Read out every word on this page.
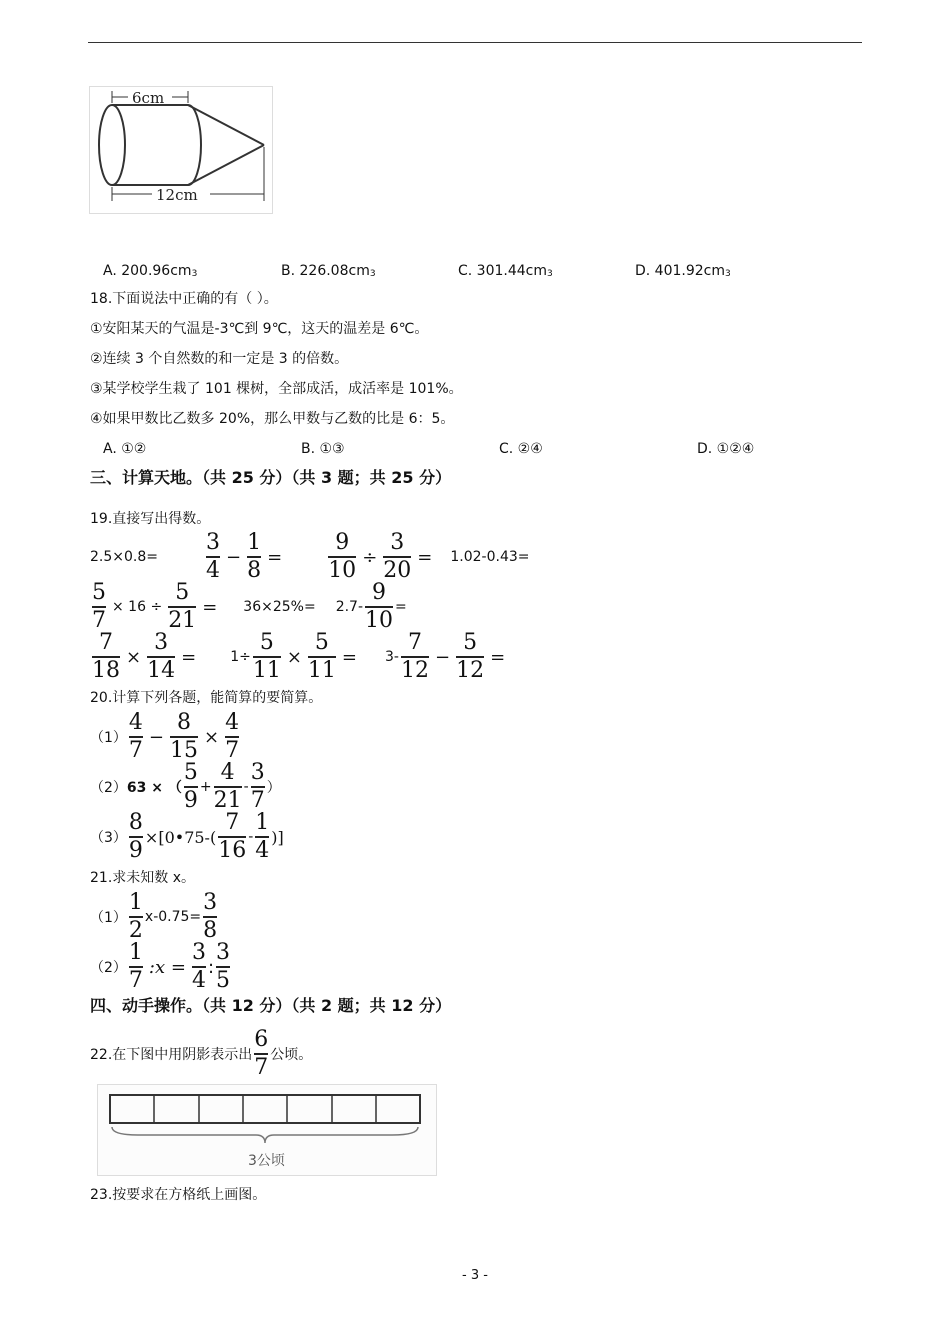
6cm
12cm
A. 200.96cm3	B. 226.08cm3	C. 301.44cm3	D. 401.92cm3
18.下面说法中正确的有（ ）。
①安阳某天的气温是-3℃到 9℃，这天的温差是 6℃。
②连续 3 个自然数的和一定是 3 的倍数。
③某学校学生栽了 101 棵树，全部成活，成活率是 101%。
④如果甲数比乙数多 20%，那么甲数与乙数的比是 6：5。
A. ①②	B. ①③	C. ②④	D. ①②④
三、计算天地。（共 25 分）（共 3 题；共 25 分）
19.直接写出得数。
$2.5\times 0.8= \frac{3}{4} - \frac{1}{8} = \frac{9}{10} \div \frac{3}{20} = 1.02-0.43=$
$\frac{5}{7} \times 16 \div \frac{5}{21} = 36\times 25\%= 2.7- \frac{9}{10}$ =
$\frac{7}{18} \times \frac{3}{14} = 1\div \frac{5}{11} \times \frac{5}{11} = 3- \frac{7}{12} - \frac{5}{12}$ =
20.计算下列各题，能简算的要简算。
$(1) \frac{4}{7} - \frac{8}{15} \times \frac{4}{7}$
（2） 63 × （ $\frac{5}{9} + \frac{4}{21} - \frac{3}{7}$ ）
$(3) \frac{8}{9}$ ×[0•75-( $\frac{7}{16} - \frac{1}{4}$ )]
21.求未知数 x。
$(1) \frac{1}{2} x-0.75= \frac{3}{8}$
$(2) \frac{1}{7}$ :x = $\frac{3}{4}$ : $\frac{3}{5}$
四、动手操作。（共 12 分）（共 2 题；共 12 分）
22.在下图中用阴影表示出 $\frac{6}{7}$ 公顷。
3公顷
23.按要求在方格纸上画图。
- 3 -
